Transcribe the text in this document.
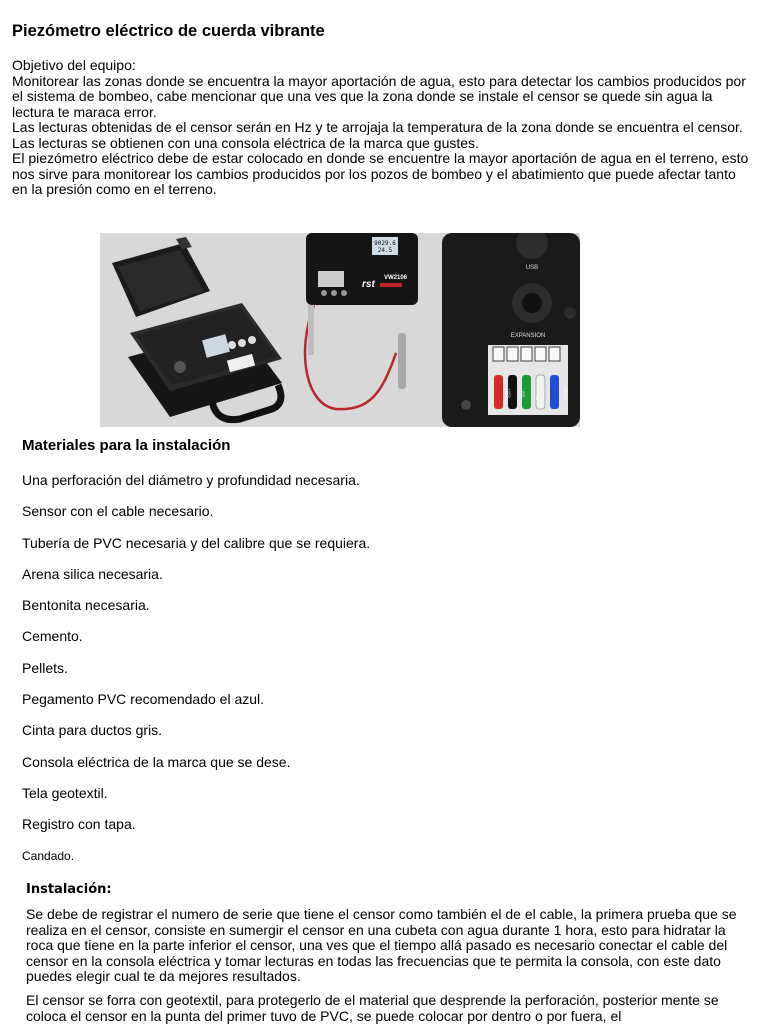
Piezómetro eléctrico de cuerda vibrante

Objetivo del equipo:

Monitorear las zonas donde se encuentra la mayor aportación de agua, esto para detectar los cambios producidos por el sistema de bombeo, cabe mencionar que una ves que la zona donde se instale el censor se quede sin agua la lectura te maraca error.

Las lecturas obtenidas de el censor serán en Hz y te arrojaja la temperatura de la zona donde se encuentra el censor.

Las lecturas se obtienen con una consola eléctrica de la marca que gustes.

El piezómetro eléctrico debe de estar colocado en donde se encuentre la mayor aportación de agua en el terreno, esto nos sirve para monitorear los cambios producidos por los pozos de bombeo y el abatimiento que puede afectar tanto en la presión como en el terreno.

9029.6
24.5
rst
VW2106
USB
EXPANSION
Coil +	Coil -	Therm +	Therm -	Shield
Materiales para la instalación
Una perforación del diámetro y profundidad necesaria.
Sensor con el cable necesario.
Tubería de PVC necesaria y del calibre que se requiera.
Arena silica necesaria.
Bentonita necesaria.
Cemento.
Pellets.
Pegamento PVC recomendado el azul.
Cinta para ductos gris.
Consola eléctrica de la marca que se dese.
Tela geotextil.
Registro con tapa.
Candado.
Instalación:

Se debe de registrar el numero de serie que tiene el censor como también el de el cable, la primera prueba que se realiza en el censor, consiste en sumergir el censor en una cubeta con agua durante 1 hora, esto para hidratar la roca que tiene en la parte inferior el censor, una ves que el tiempo allá pasado es necesario conectar el cable del censor en la consola eléctrica y tomar lecturas en todas las frecuencias que te permita la consola, con este dato puedes elegir cual te da mejores resultados.

El censor se forra con geotextil, para protegerlo de el material que desprende la perforación, posterior mente se coloca el censor en la punta del primer tuvo de PVC, se puede colocar por dentro o por fuera, el
